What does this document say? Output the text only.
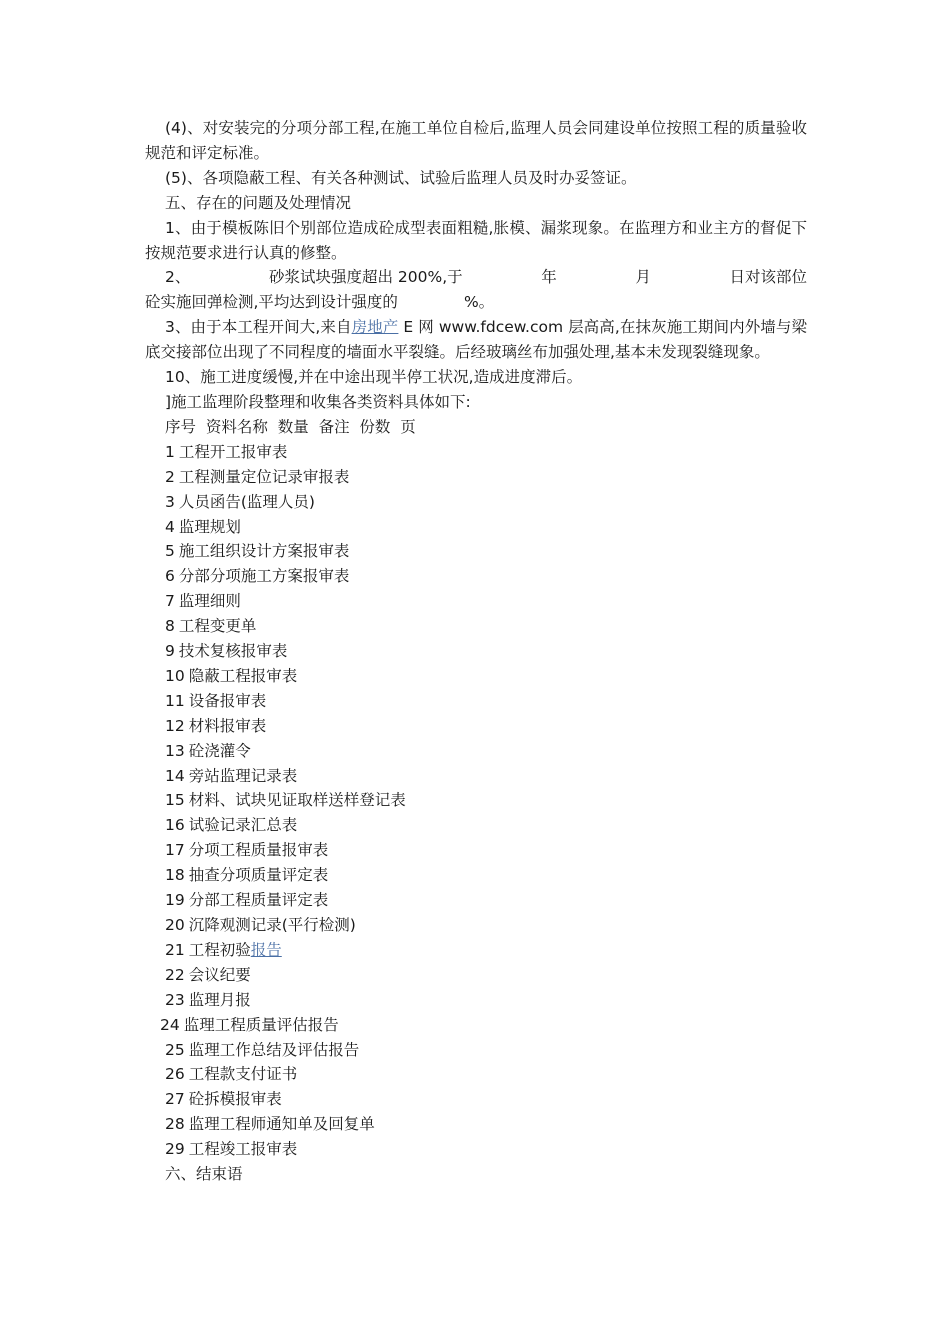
(4)、对安装完的分项分部工程,在施工单位自检后,监理人员会同建设单位按照工程的质量验收规范和评定标准。

(5)、各项隐蔽工程、有关各种测试、试验后监理人员及时办妥签证。

五、存在的问题及处理情况

1、由于模板陈旧个别部位造成砼成型表面粗糙,胀模、漏浆现象。在监理方和业主方的督促下按规范要求进行认真的修整。

2、	砂浆试块强度超出 200%,于	年	月	日对该部位

砼实施回弹检测,平均达到设计强度的	%。

3、由于本工程开间大,来自房地产 E 网 www.fdcew.com 层高高,在抹灰施工期间内外墙与梁底交接部位出现了不同程度的墙面水平裂缝。后经玻璃丝布加强处理,基本未发现裂缝现象。

10、施工进度缓慢,并在中途出现半停工状况,造成进度滞后。

]施工监理阶段整理和收集各类资料具体如下:

序号  资料名称  数量  备注  份数  页

1 工程开工报审表

2 工程测量定位记录审报表

3 人员函告(监理人员)

4 监理规划

5 施工组织设计方案报审表

6 分部分项施工方案报审表

7 监理细则

8 工程变更单

9 技术复核报审表

10 隐蔽工程报审表

11 设备报审表

12 材料报审表

13 砼浇灌令

14 旁站监理记录表

15 材料、试块见证取样送样登记表

16 试验记录汇总表

17 分项工程质量报审表

18 抽查分项质量评定表

19 分部工程质量评定表

20 沉降观测记录(平行检测)

21 工程初验报告

22 会议纪要

23 监理月报

24 监理工程质量评估报告

25 监理工作总结及评估报告

26 工程款支付证书

27 砼拆模报审表

28 监理工程师通知单及回复单

29 工程竣工报审表

六、结束语
